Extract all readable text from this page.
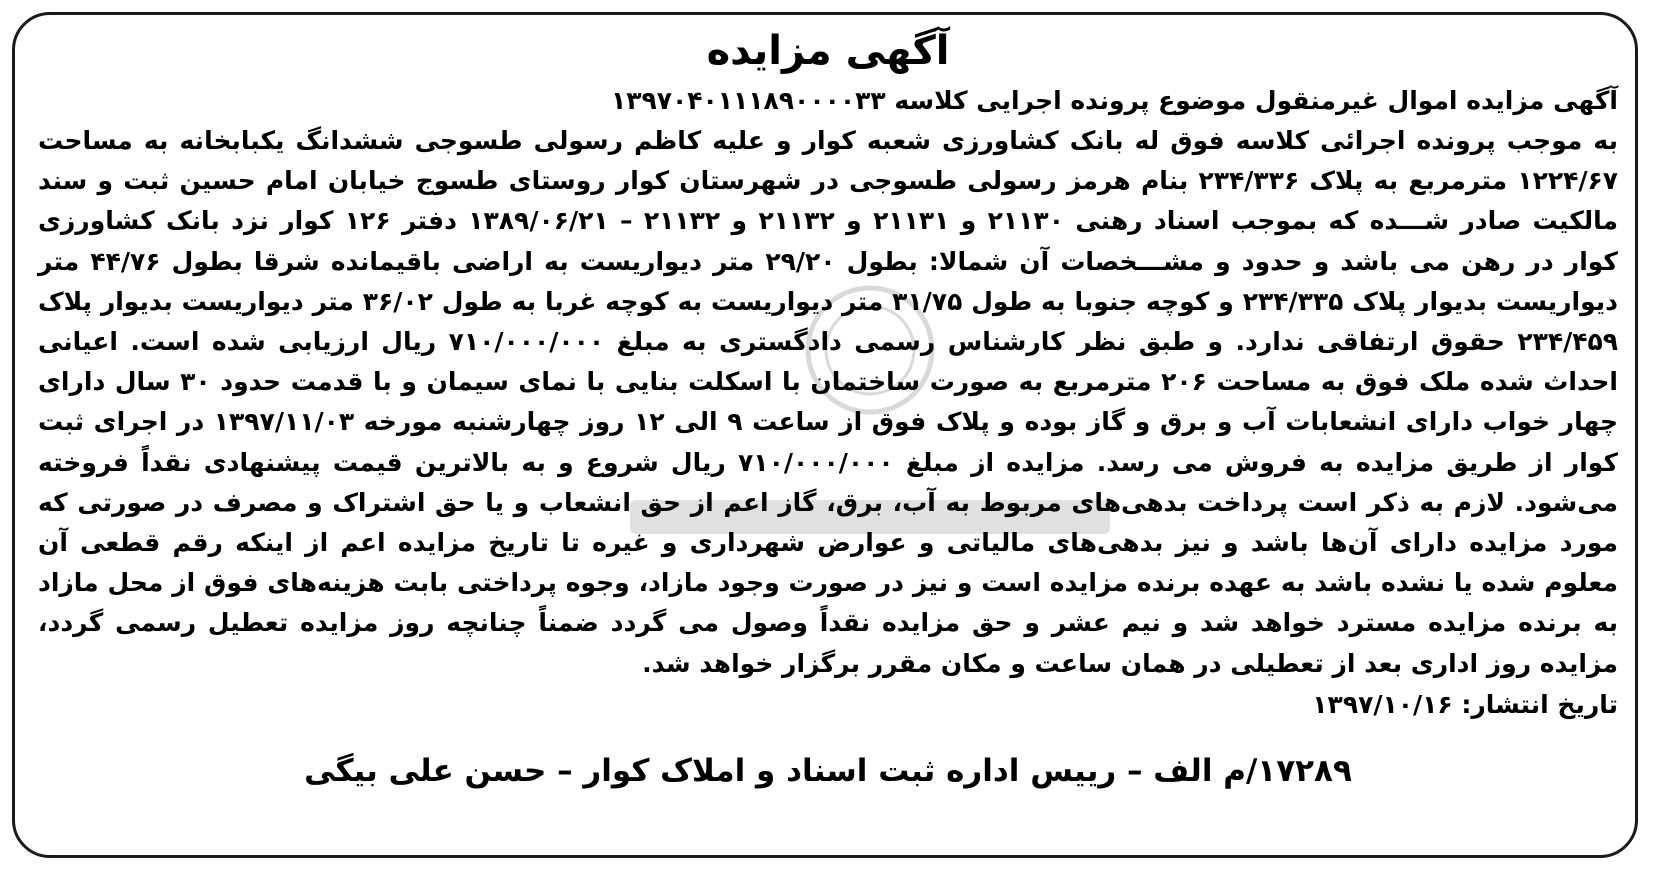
آگهی مزایده

آگهی مزایده اموال غیرمنقول موضوع پرونده اجرایی کلاسه ۱۳۹۷۰۴۰۱۱۱۸۹۰۰۰۰۳۳

به موجب پرونده اجرائی کلاسه فوق له بانک کشاورزی شعبه کوار و علیه کاظم رسولی طسوجی ششدانگ یکبابخانه به مساحت ۱۲۲۴/۶۷ مترمربع به پلاک ۲۳۴/۳۳۶ بنام هرمز رسولی طسوجی در شهرستان کوار روستای طسوج خیابان امام حسین ثبت و سند مالکیت صادر شـــده که بموجب اسناد رهنی ۲۱۱۳۰ و ۲۱۱۳۱ و ۲۱۱۳۲ و ۲۱۱۳۲ – ۱۳۸۹/۰۶/۲۱ دفتر ۱۲۶ کوار نزد بانک کشاورزی کوار در رهن می باشد و حدود و مشـــخصات آن شمالا: بطول ۲۹/۲۰ متر دیواریست به اراضی باقیمانده شرقا بطول ۴۴/۷۶ متر دیواریست بدیوار پلاک ۲۳۴/۳۳۵ و کوچه جنوبا به طول ۳۱/۷۵ متر دیواریست به کوچه غربا به طول ۳۶/۰۲ متر دیواریست بدیوار پلاک ۲۳۴/۴۵۹ حقوق ارتفاقی ندارد. و طبق نظر کارشناس رسمی دادگستری به مبلغ ۷۱۰/۰۰۰/۰۰۰ ریال ارزیابی شده است. اعیانی احداث شده ملک فوق به مساحت ۲۰۶ مترمربع به صورت ساختمان با اسکلت بنایی با نمای سیمان و با قدمت حدود ۳۰ سال دارای چهار خواب دارای انشعابات آب و برق و گاز بوده و پلاک فوق از ساعت ۹ الی ۱۲ روز چهارشنبه مورخه ۱۳۹۷/۱۱/۰۳ در اجرای ثبت کوار از طریق مزایده به فروش می رسد. مزایده از مبلغ ۷۱۰/۰۰۰/۰۰۰ ریال شروع و به بالاترین قیمت پیشنهادی نقداً فروخته می‌شود. لازم به ذکر است پرداخت بدهی‌های مربوط به آب، برق، گاز اعم از حق انشعاب و یا حق اشتراک و مصرف در صورتی که مورد مزایده دارای آن‌ها باشد و نیز بدهی‌های مالیاتی و عوارض شهرداری و غیره تا تاریخ مزایده اعم از اینکه رقم قطعی آن معلوم شده یا نشده باشد به عهده برنده مزایده است و نیز در صورت وجود مازاد، وجوه پرداختی بابت هزینه‌های فوق از محل مازاد به برنده مزایده مسترد خواهد شد و نیم عشر و حق مزایده نقداً وصول می گردد ضمناً چنانچه روز مزایده تعطیل رسمی گردد، مزایده روز اداری بعد از تعطیلی در همان ساعت و مکان مقرر برگزار خواهد شد.

تاریخ انتشار: ۱۳۹۷/۱۰/۱۶

۱۷۲۸۹/م الف – رییس اداره ثبت اسناد و املاک کوار – حسن علی بیگی
